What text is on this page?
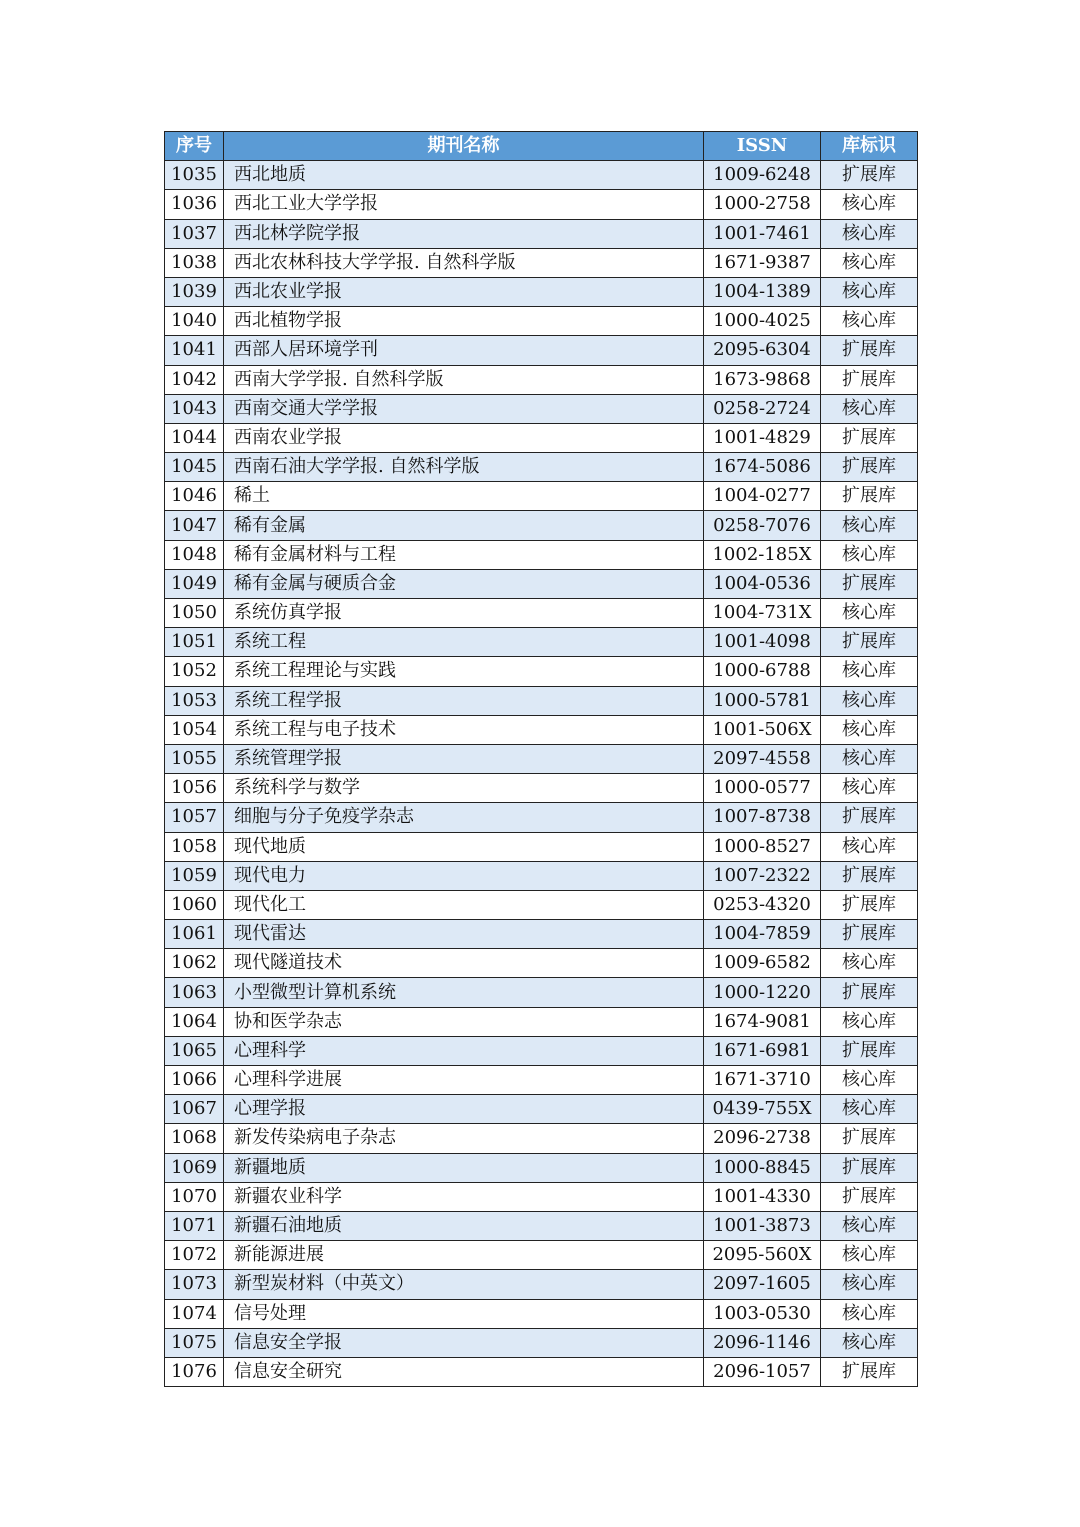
序号	期刊名称	ISSN	库标识
1035	西北地质	1009-6248	扩展库
1036	西北工业大学学报	1000-2758	核心库
1037	西北林学院学报	1001-7461	核心库
1038	西北农林科技大学学报. 自然科学版	1671-9387	核心库
1039	西北农业学报	1004-1389	核心库
1040	西北植物学报	1000-4025	核心库
1041	西部人居环境学刊	2095-6304	扩展库
1042	西南大学学报. 自然科学版	1673-9868	扩展库
1043	西南交通大学学报	0258-2724	核心库
1044	西南农业学报	1001-4829	扩展库
1045	西南石油大学学报. 自然科学版	1674-5086	扩展库
1046	稀土	1004-0277	扩展库
1047	稀有金属	0258-7076	核心库
1048	稀有金属材料与工程	1002-185X	核心库
1049	稀有金属与硬质合金	1004-0536	扩展库
1050	系统仿真学报	1004-731X	核心库
1051	系统工程	1001-4098	扩展库
1052	系统工程理论与实践	1000-6788	核心库
1053	系统工程学报	1000-5781	核心库
1054	系统工程与电子技术	1001-506X	核心库
1055	系统管理学报	2097-4558	核心库
1056	系统科学与数学	1000-0577	核心库
1057	细胞与分子免疫学杂志	1007-8738	扩展库
1058	现代地质	1000-8527	核心库
1059	现代电力	1007-2322	扩展库
1060	现代化工	0253-4320	扩展库
1061	现代雷达	1004-7859	扩展库
1062	现代隧道技术	1009-6582	核心库
1063	小型微型计算机系统	1000-1220	扩展库
1064	协和医学杂志	1674-9081	核心库
1065	心理科学	1671-6981	扩展库
1066	心理科学进展	1671-3710	核心库
1067	心理学报	0439-755X	核心库
1068	新发传染病电子杂志	2096-2738	扩展库
1069	新疆地质	1000-8845	扩展库
1070	新疆农业科学	1001-4330	扩展库
1071	新疆石油地质	1001-3873	核心库
1072	新能源进展	2095-560X	核心库
1073	新型炭材料（中英文）	2097-1605	核心库
1074	信号处理	1003-0530	核心库
1075	信息安全学报	2096-1146	核心库
1076	信息安全研究	2096-1057	扩展库
